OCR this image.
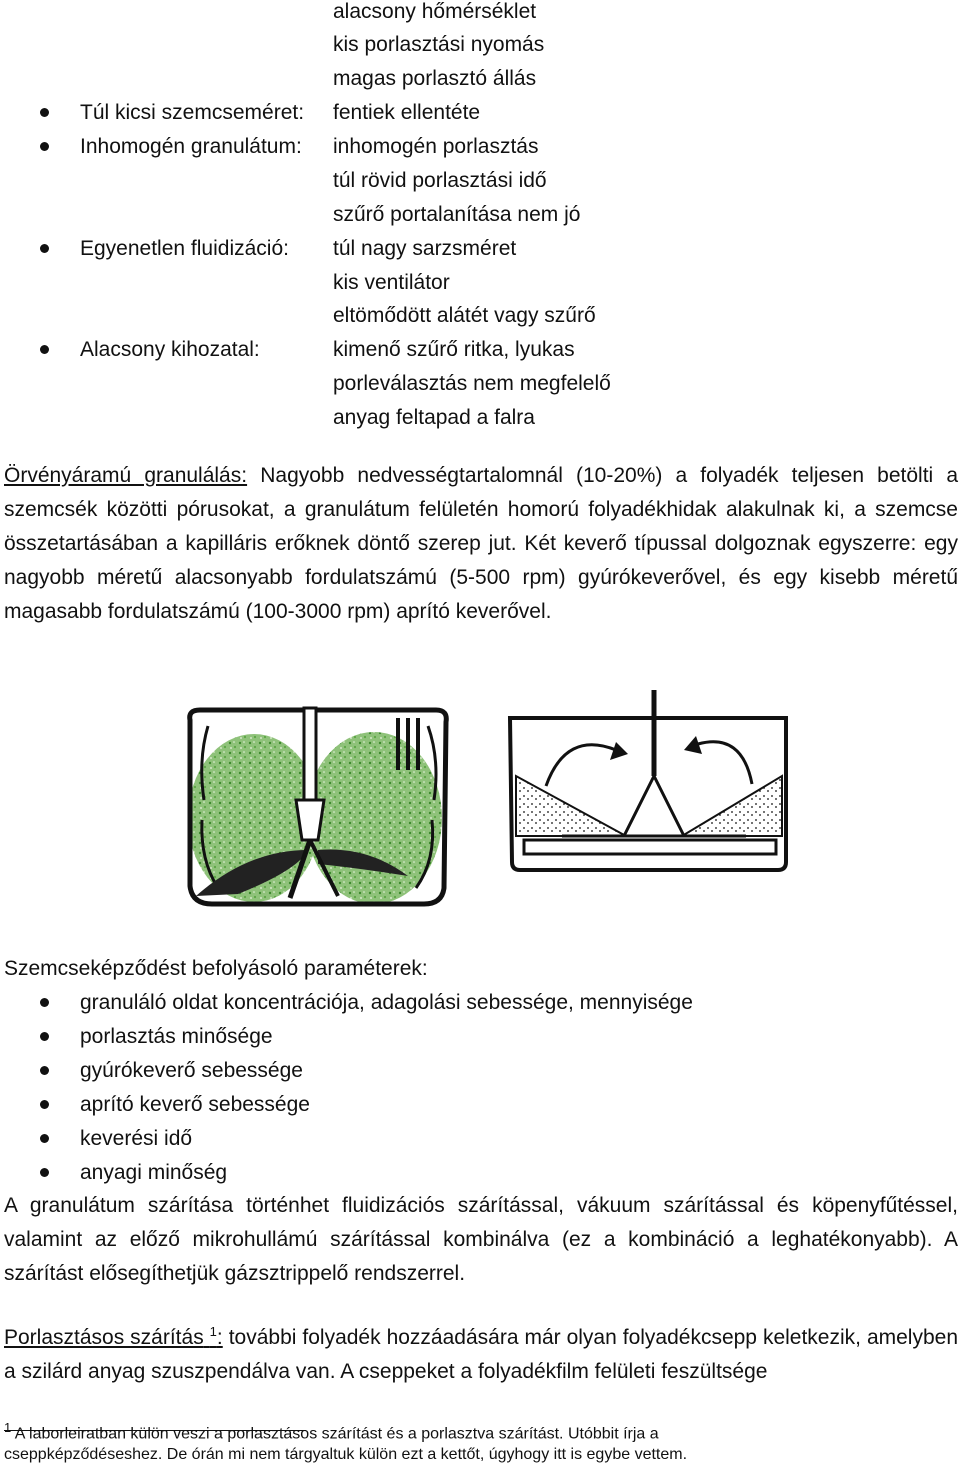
alacsony hőmérséklet
kis porlasztási nyomás
magas porlasztó állás
Túl kicsi szemcseméret: fentiek ellentéte
Inhomogén granulátum: inhomogén porlasztás
túl rövid porlasztási idő
szűrő portalanítása nem jó
Egyenetlen fluidizáció: túl nagy sarzsméret
kis ventilátor
eltömődött alátét vagy szűrő
Alacsony kihozatal:	kimenő szűrő ritka, lyukas
porleválasztás nem megfelelő
anyag feltapad a falra
Örvényáramú granulálás: Nagyobb nedvességtartalomnál (10-20%) a folyadék teljesen betölti a szemcsék közötti pórusokat, a granulátum felületén homorú folyadékhidak alakulnak ki, a szemcse összetartásában a kapilláris erőknek döntő szerep jut. Két keverő típussal dolgoznak egyszerre: egy nagyobb méretű alacsonyabb fordulatszámú (5-500 rpm) gyúrókeverővel, és egy kisebb méretű magasabb fordulatszámú (100-3000 rpm) aprító keverővel.
Szemcseképződést befolyásoló paraméterek:
granuláló oldat koncentrációja, adagolási sebessége, mennyisége
porlasztás minősége
gyúrókeverő sebessége
aprító keverő sebessége
keverési idő
anyagi minőség
A granulátum szárítása történhet fluidizációs szárítással, vákuum szárítással és köpenyfűtéssel, valamint az előző mikrohullámú szárítással kombinálva (ez a kombináció a leghatékonyabb). A szárítást elősegíthetjük gázsztrippelő rendszerrel.
Porlasztásos szárítás $^1$: további folyadék hozzáadására már olyan folyadékcsepp keletkezik, amelyben a szilárd anyag szuszpendálva van. A cseppeket a folyadékfilm felületi feszültsége
$^1$ A laborleiratban külön veszi a porlasztásos szárítást és a porlasztva szárítást. Utóbbit írja a
cseppképződéseshez. De órán mi nem tárgyaltuk külön ezt a kettőt, úgyhogy itt is egybe vettem.
